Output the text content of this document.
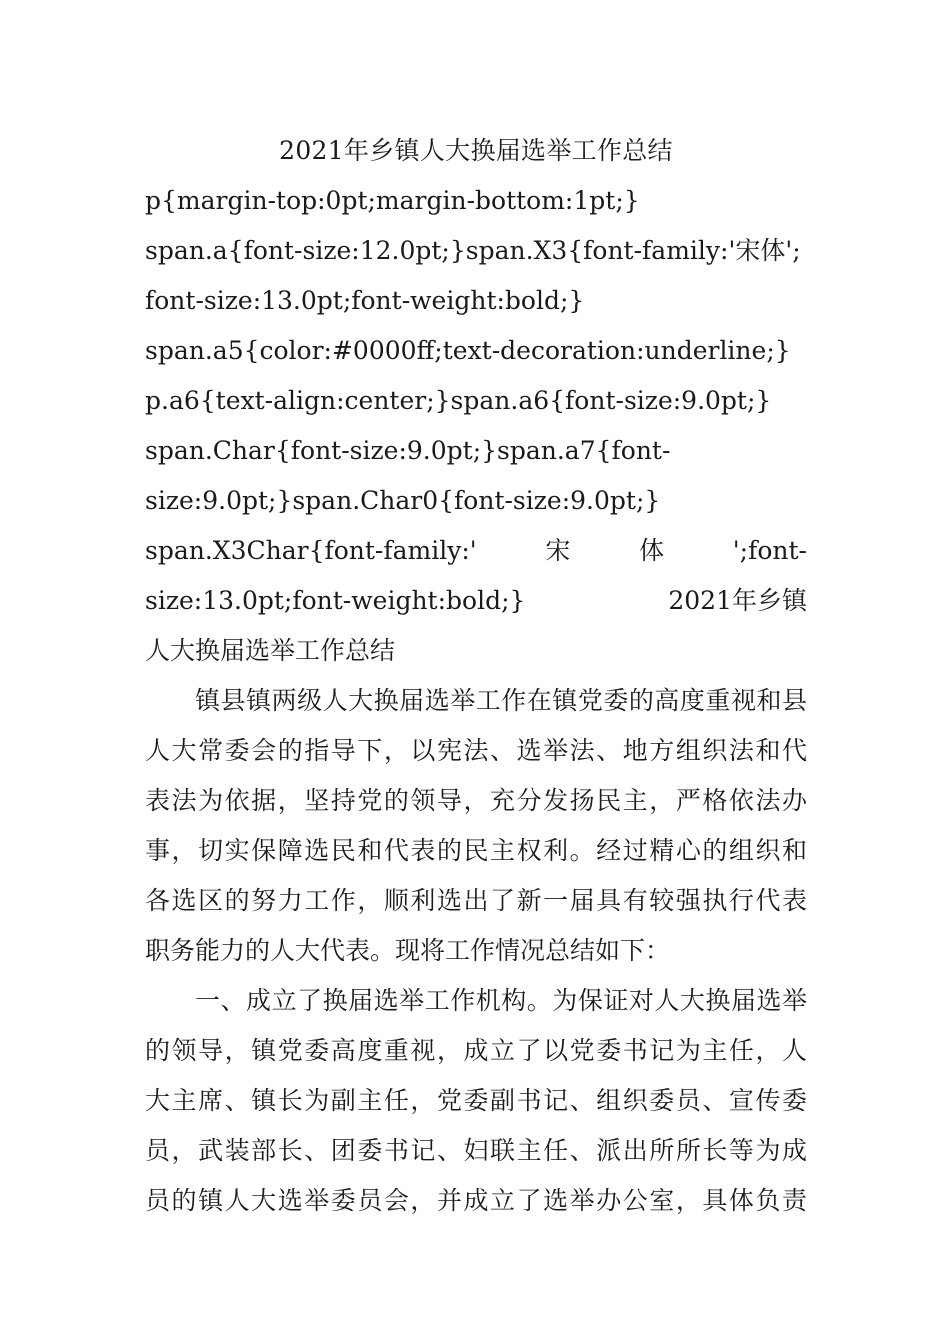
2021年乡镇人大换届选举工作总结

p{margin-top:0pt;margin-bottom:1pt;}

span.a{font-size:12.0pt;}span.X3{font-family:'宋体';

font-size:13.0pt;font-weight:bold;}

span.a5{color:#0000ff;text-decoration:underline;}

p.a6{text-align:center;}span.a6{font-size:9.0pt;}

span.Char{font-size:9.0pt;}span.a7{font-

size:9.0pt;}span.Char0{font-size:9.0pt;}

span.X3Char{font-family:'	宋	体	';font-

size:13.0pt;font-weight:bold;}	2021年乡镇

人大换届选举工作总结

镇县镇两级人大换届选举工作在镇党委的高度重视和县
人大常委会的指导下，以宪法、选举法、地方组织法和代
表法为依据，坚持党的领导，充分发扬民主，严格依法办
事，切实保障选民和代表的民主权利。经过精心的组织和
各选区的努力工作，顺利选出了新一届具有较强执行代表
职务能力的人大代表。现将工作情况总结如下：
一、成立了换届选举工作机构。为保证对人大换届选举
的领导，镇党委高度重视，成立了以党委书记为主任，人
大主席、镇长为副主任，党委副书记、组织委员、宣传委
员，武装部长、团委书记、妇联主任、派出所所长等为成
员的镇人大选举委员会，并成立了选举办公室，具体负责
